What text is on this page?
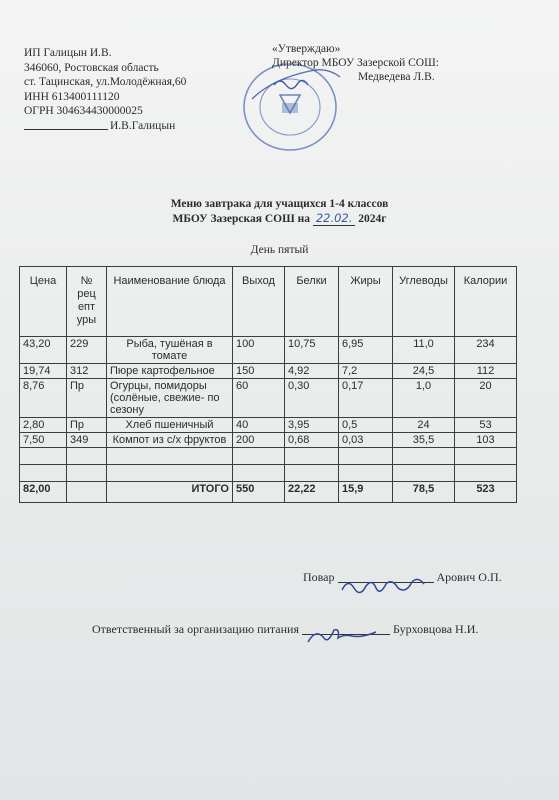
ИП Галицын И.В.
346060, Ростовская область
ст. Тацинская, ул.Молодёжная,60
ИНН 613400111120
ОГРН 304634430000025
И.В.Галицын
«Утверждаю»
Директор МБОУ Зазерской СОШ:
Медведева Л.В.
Меню завтрака для учащихся 1-4 классов
МБОУ Зазерская СОШ на 22.02. 2024г
День пятый
Цена	№ рец епт уры	Наименование блюда	Выход	Белки	Жиры	Углеводы	Калории
43,20	229	Рыба, тушёная в томате	100	10,75	6,95	11,0	234
19,74	312	Пюре картофельное	150	4,92	7,2	24,5	112
8,76	Пр	Огурцы, помидоры (солёные, свежие- по сезону	60	0,30	0,17	1,0	20
2,80	Пр	Хлеб пшеничный	40	3,95	0,5	24	53
7,50	349	Компот из с/х фруктов	200	0,68	0,03	35,5	103

82,00		ИТОГО	550	22,22	15,9	78,5	523
Повар	Арович О.П.
Ответственный за организацию питания	Бурховцова Н.И.
